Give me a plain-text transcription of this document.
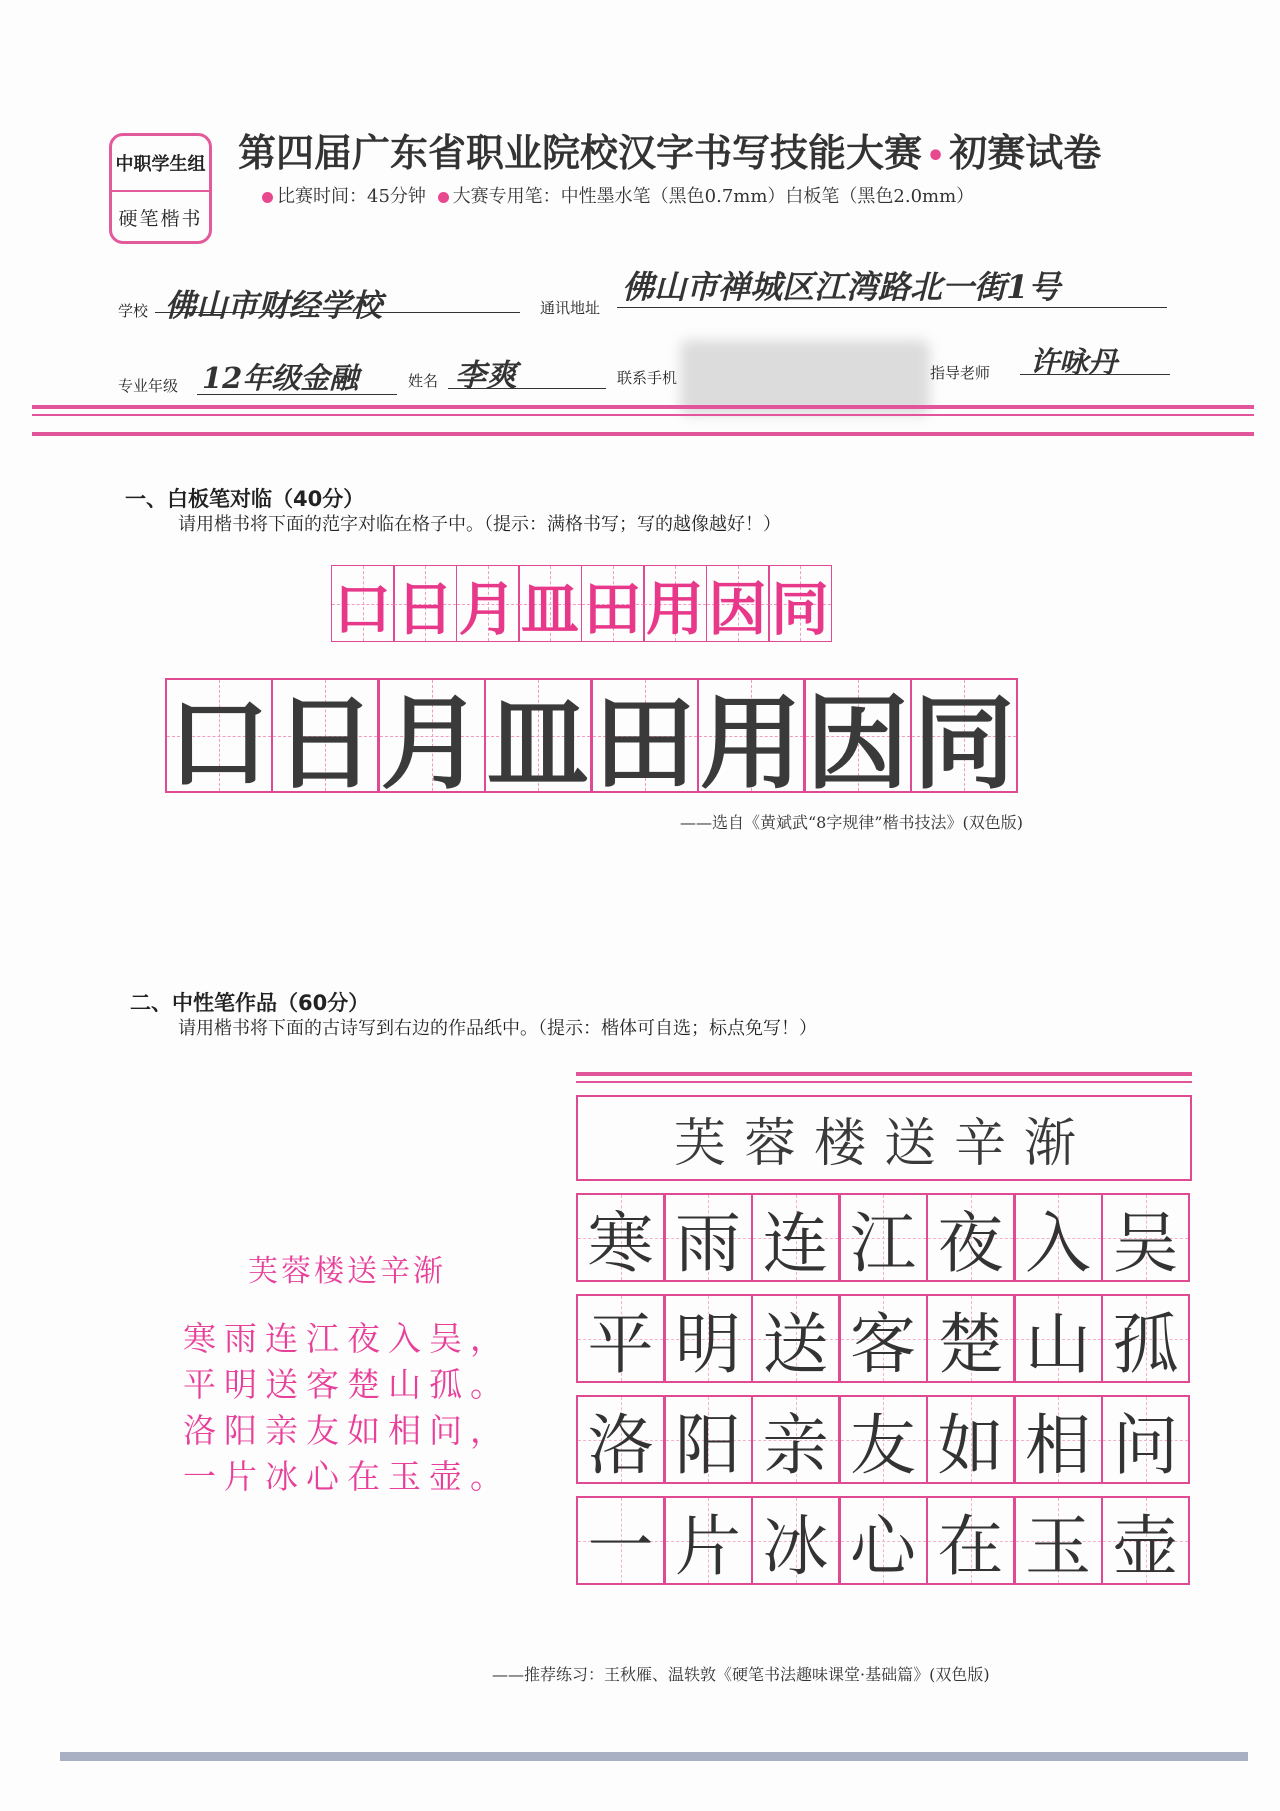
中职学生组
硬笔楷书
第四届广东省职业院校汉字书写技能大赛 • 初赛试卷
比赛时间：45分钟 大赛专用笔：中性墨水笔（黑色0.7mm）白板笔（黑色2.0mm）
学校 佛山市财经学校	通讯地址
佛山市禅城区江湾路北一街1号
专业年级 12年级金融	姓名 李爽	联系手机	指导老师 许咏丹
一、白板笔对临（40分）
请用楷书将下面的范字对临在格子中。（提示：满格书写；写的越像越好！）
口 日 月 皿 田 用 因 同
口 日 月 皿 田 用 因 同
——选自《黄斌武“8字规律”楷书技法》(双色版)
二、中性笔作品（60分）
请用楷书将下面的古诗写到右边的作品纸中。（提示：楷体可自选；标点免写！）
芙蓉楼送辛渐
寒雨连江夜入吴，
平明送客楚山孤。
洛阳亲友如相问，
一片冰心在玉壶。
芙蓉楼送辛渐
寒 雨 连 江 夜 入 吴
平 明 送 客 楚 山 孤
洛 阳 亲 友 如 相 问
一 片 冰 心 在 玉 壶
——推荐练习：王秋雁、温轶敦《硬笔书法趣味课堂·基础篇》(双色版)
